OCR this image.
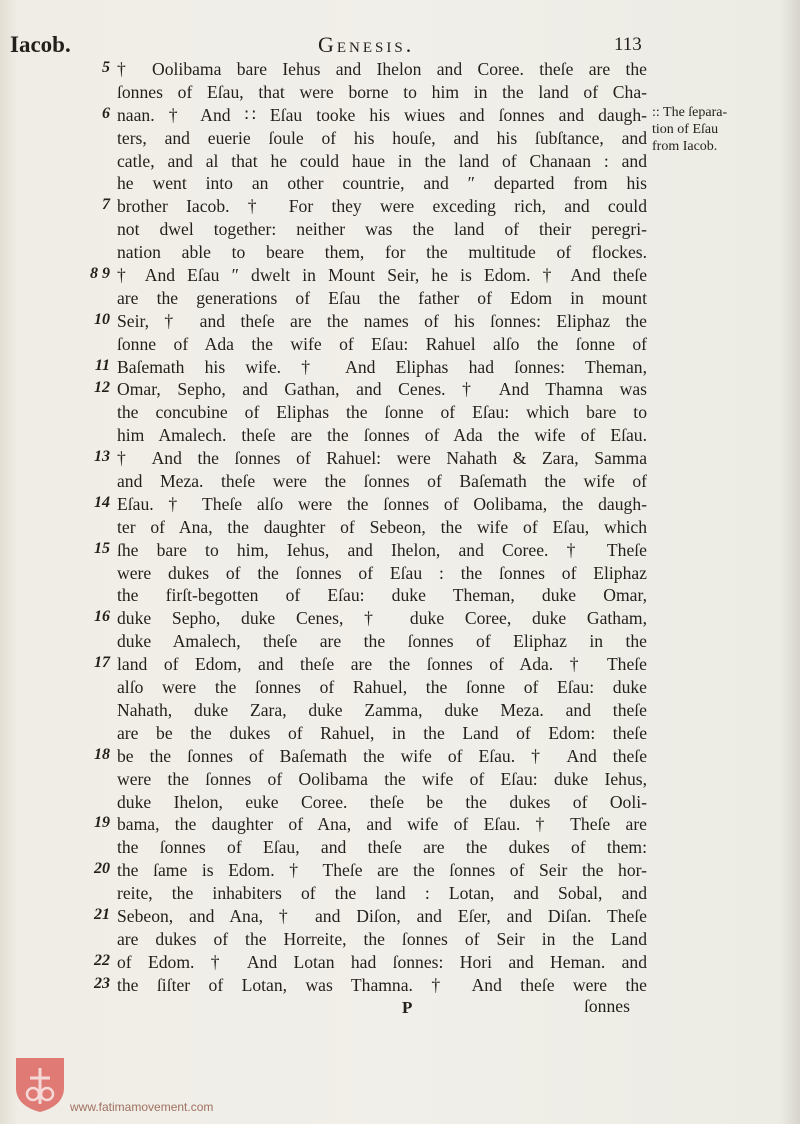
Iacob.	Genesis.	113
5 † Oolibama bare Iehus and Ihelon and Coree. theſe are the
ſonnes of Eſau, that were borne to him in the land of Cha-
6 naan. † And ∷ Eſau tooke his wiues and ſonnes and daugh-
ters, and euerie ſoule of his houſe, and his ſubſtance, and
catle, and al that he could haue in the land of Chanaan : and
he went into an other countrie, and ″ departed from his
7 brother Iacob. † For they were exceding rich, and could
not dwel together: neither was the land of their peregri-
nation able to beare them, for the multitude of flockes.
8 9 † And Eſau ″ dwelt in Mount Seir, he is Edom. † And theſe
are the generations of Eſau the father of Edom in mount
10 Seir, † and theſe are the names of his ſonnes: Eliphaz the
ſonne of Ada the wife of Eſau: Rahuel alſo the ſonne of
11 Baſemath his wife. † And Eliphas had ſonnes: Theman,
12 Omar, Sepho, and Gathan, and Cenes. † And Thamna was
the concubine of Eliphas the ſonne of Eſau: which bare to
him Amalech. theſe are the ſonnes of Ada the wife of Eſau.
13 † And the ſonnes of Rahuel: were Nahath & Zara, Samma
and Meza. theſe were the ſonnes of Baſemath the wife of
14 Eſau. † Theſe alſo were the ſonnes of Oolibama, the daugh-
ter of Ana, the daughter of Sebeon, the wife of Eſau, which
15 ſhe bare to him, Iehus, and Ihelon, and Coree. † Theſe
were dukes of the ſonnes of Eſau : the ſonnes of Eliphaz
the firſt-begotten of Eſau: duke Theman, duke Omar,
16 duke Sepho, duke Cenes, † duke Coree, duke Gatham,
duke Amalech, theſe are the ſonnes of Eliphaz in the
17 land of Edom, and theſe are the ſonnes of Ada. † Theſe
alſo were the ſonnes of Rahuel, the ſonne of Eſau: duke
Nahath, duke Zara, duke Zamma, duke Meza. and theſe
are be the dukes of Rahuel, in the Land of Edom: theſe
18 be the ſonnes of Baſemath the wife of Eſau. † And theſe
were the ſonnes of Oolibama the wife of Eſau: duke Iehus,
duke Ihelon, euke Coree. theſe be the dukes of Ooli-
19 bama, the daughter of Ana, and wife of Eſau. † Theſe are
the ſonnes of Eſau, and theſe are the dukes of them:
20 the ſame is Edom. † Theſe are the ſonnes of Seir the hor-
reite, the inhabiters of the land : Lotan, and Sobal, and
21 Sebeon, and Ana, † and Diſon, and Eſer, and Diſan. Theſe
are dukes of the Horreite, the ſonnes of Seir in the Land
22 of Edom. † And Lotan had ſonnes: Hori and Heman. and
23 the ſiſter of Lotan, was Thamna. † And theſe were the
:: The ſepara-
tion of Eſau
from Iacob.
P	ſonnes
www.fatimamovement.com
